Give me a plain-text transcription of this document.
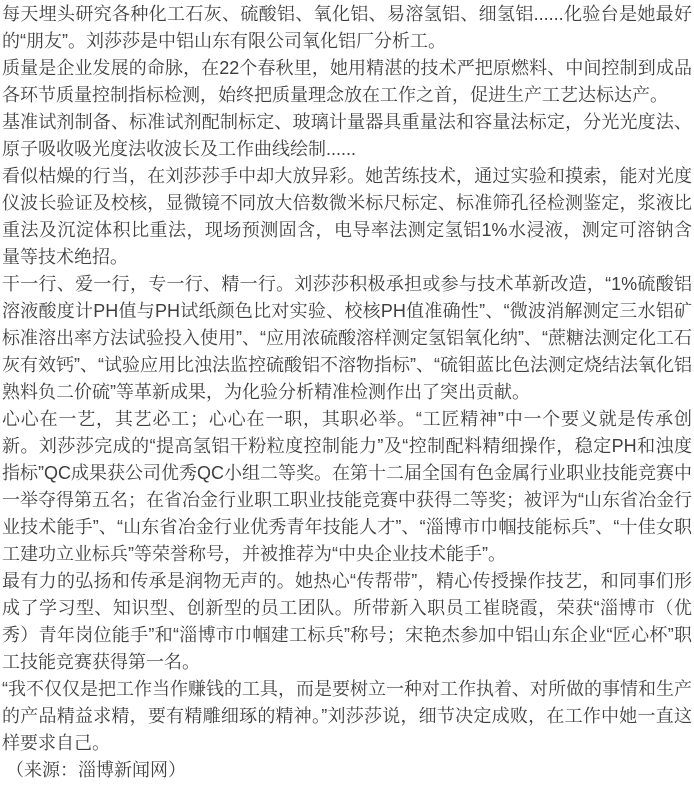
每天埋头研究各种化工石灰、硫酸铝、氧化铝、易溶氢铝、细氢铝......化验台是她最好的“朋友”。刘莎莎是中铝山东有限公司氧化铝厂分析工。

质量是企业发展的命脉，在22个春秋里，她用精湛的技术严把原燃料、中间控制到成品各环节质量控制指标检测，始终把质量理念放在工作之首，促进生产工艺达标达产。

基准试剂制备、标准试剂配制标定、玻璃计量器具重量法和容量法标定，分光光度法、原子吸收吸光度法收波长及工作曲线绘制......

看似枯燥的行当，在刘莎莎手中却大放异彩。她苦练技术，通过实验和摸索，能对光度仪波长验证及校核，显微镜不同放大倍数微米标尺标定、标准筛孔径检测鉴定，浆液比重法及沉淀体积比重法，现场预测固含，电导率法测定氢铝1%水浸液，测定可溶钠含量等技术绝招。

干一行、爱一行，专一行、精一行。刘莎莎积极承担或参与技术革新改造，“1%硫酸铝溶液酸度计PH值与PH试纸颜色比对实验、校核PH值准确性”、“微波消解测定三水铝矿标准溶出率方法试验投入使用”、“应用浓硫酸溶样测定氢铝氧化纳”、“蔗糖法测定化工石灰有效钙”、“试验应用比浊法监控硫酸铝不溶物指标”、“硫钼蓝比色法测定烧结法氧化铝熟料负二价硫”等革新成果，为化验分析精准检测作出了突出贡献。

心心在一艺，其艺必工；心心在一职，其职必举。“工匠精神”中一个要义就是传承创新。刘莎莎完成的“提高氢铝干粉粒度控制能力”及“控制配料精细操作，稳定PH和浊度指标”QC成果获公司优秀QC小组二等奖。在第十二届全国有色金属行业职业技能竞赛中一举夺得第五名；在省冶金行业职工职业技能竞赛中获得二等奖；被评为“山东省冶金行业技术能手”、“山东省冶金行业优秀青年技能人才”、“淄博市巾帼技能标兵”、“十佳女职工建功立业标兵”等荣誉称号，并被推荐为“中央企业技术能手”。

最有力的弘扬和传承是润物无声的。她热心“传帮带”，精心传授操作技艺，和同事们形成了学习型、知识型、创新型的员工团队。所带新入职员工崔晓霞，荣获“淄博市（优秀）青年岗位能手”和“淄博市巾帼建工标兵”称号；宋艳杰参加中铝山东企业“匠心杯”职工技能竞赛获得第一名。

“我不仅仅是把工作当作赚钱的工具，而是要树立一种对工作执着、对所做的事情和生产的产品精益求精，要有精雕细琢的精神。”刘莎莎说，细节决定成败，在工作中她一直这样要求自己。

（来源：淄博新闻网）
